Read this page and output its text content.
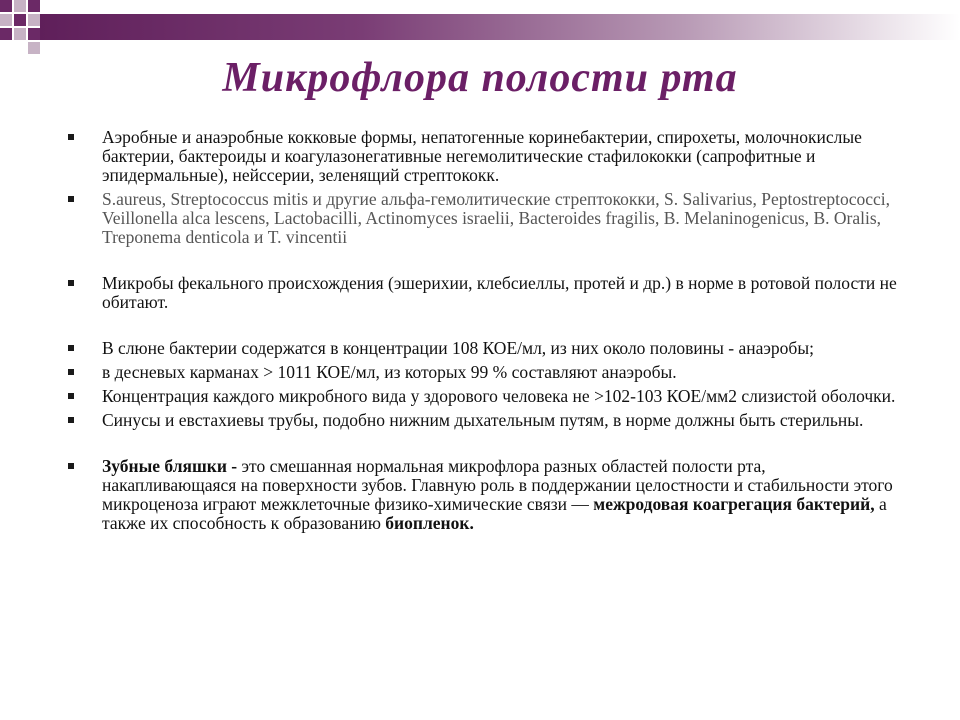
Микрофлора полости рта
Аэробные и анаэробные кокковые формы, непатогенные коринебактерии, спирохеты, молочнокислые бактерии, бактероиды и коагулазонегативные негемолитические стафилококки (сапрофитные и эпидермальные), нейссерии, зеленящий стрептококк.
S.aureus, Streptococcus mitis и другие альфа-гемолитические стрептококки, S. Salivarius, Peptostreptococci, Veillonella alca lescens, Lactobacilli, Actinomyces israelii, Bacteroides fragilis, B. Melaninogenicus, B. Oralis, Treponema denticola и T. vincentii
Микробы фекального происхождения (эшерихии, клебсиеллы, протей и др.) в норме в ротовой полости не обитают.
В слюне бактерии содержатся в концентрации 108 КОЕ/мл, из них около половины - анаэробы;
в десневых карманах > 1011 КОЕ/мл, из которых 99 % составляют анаэробы.
Концентрация каждого микробного вида у здорового человека не >102-103 КОЕ/мм2 слизистой оболочки.
Синусы и евстахиевы трубы, подобно нижним дыхательным путям, в норме должны быть стерильны.
Зубные бляшки - это смешанная нормальная микрофлора разных областей полости рта, накапливающаяся на поверхности зубов. Главную роль в поддержании целостности и стабильности этого микроценоза играют межклеточные физико-химические связи — межродовая коагрегация бактерий, а также их способность к образованию биопленок.
